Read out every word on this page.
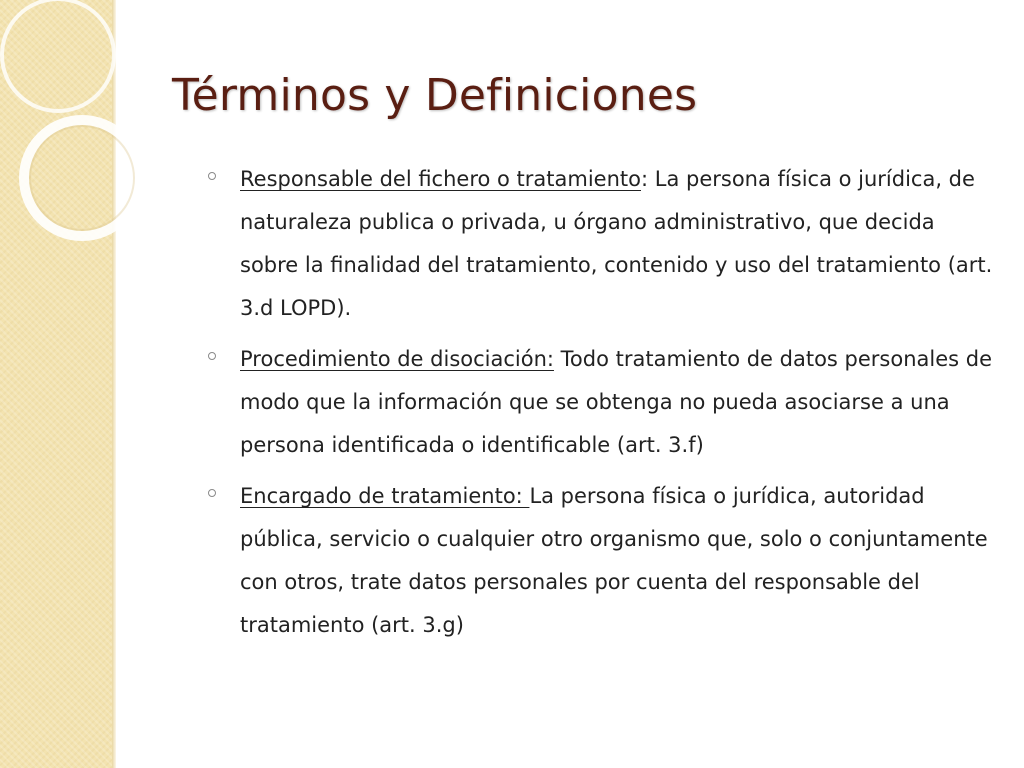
Términos y Definiciones
Responsable del fichero o tratamiento: La persona física o jurídica, de naturaleza publica o privada, u órgano administrativo, que decida sobre la finalidad del tratamiento, contenido y uso del tratamiento (art. 3.d LOPD).
Procedimiento de disociación: Todo tratamiento de datos personales de modo que la información que se obtenga no pueda asociarse a una persona identificada o identificable (art. 3.f)
Encargado de tratamiento: La persona física o jurídica, autoridad pública, servicio o cualquier otro organismo que, solo o conjuntamente con otros, trate datos personales por cuenta del responsable del tratamiento (art. 3.g)
